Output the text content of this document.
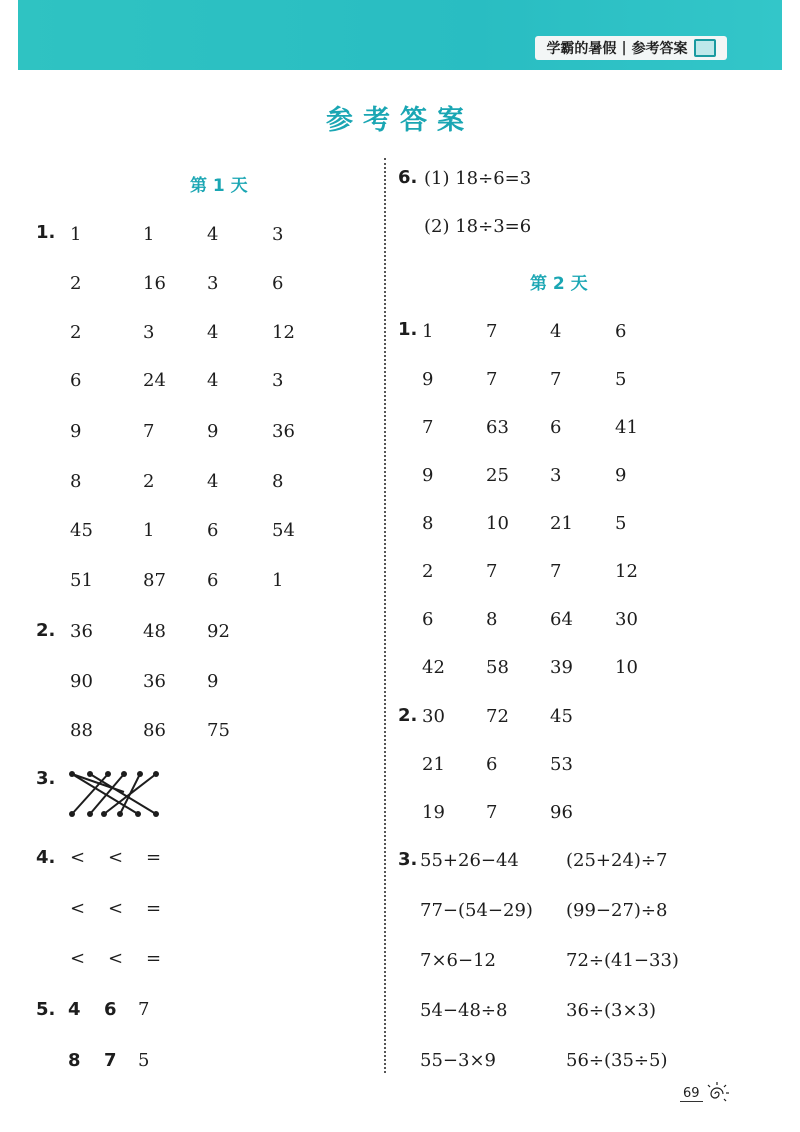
学霸的暑假 | 参考答案
参考答案
第 1 天
1. 1	1	4	3
2	16 3	6
2	3	4	12
6	24 4	3
9	7	9	36
8	2	4	8
45	1	6	54
51	87 6	1
2. 36	48 92
90	36 9
88	86 75
3.
4. < < =
< < =
< < =
5. 4 6 7
8 7 5
6. (1) 18÷6=3
(2) 18÷3=6
第 2 天
1. 1	7	4	6
9	7	7	5
7	63 6	41
9	25 3	9
8	10 21 5
2	7	7	12
6	8	64 30
42 58 39 10
2. 30 72 45
21 6	53
19 7	96
3. 55+26−44	(25+24)÷7
77−(54−29) (99−27)÷8
7×6−12	72÷(41−33)
54−48÷8	36÷(3×3)
55−3×9	56÷(35÷5)
69
